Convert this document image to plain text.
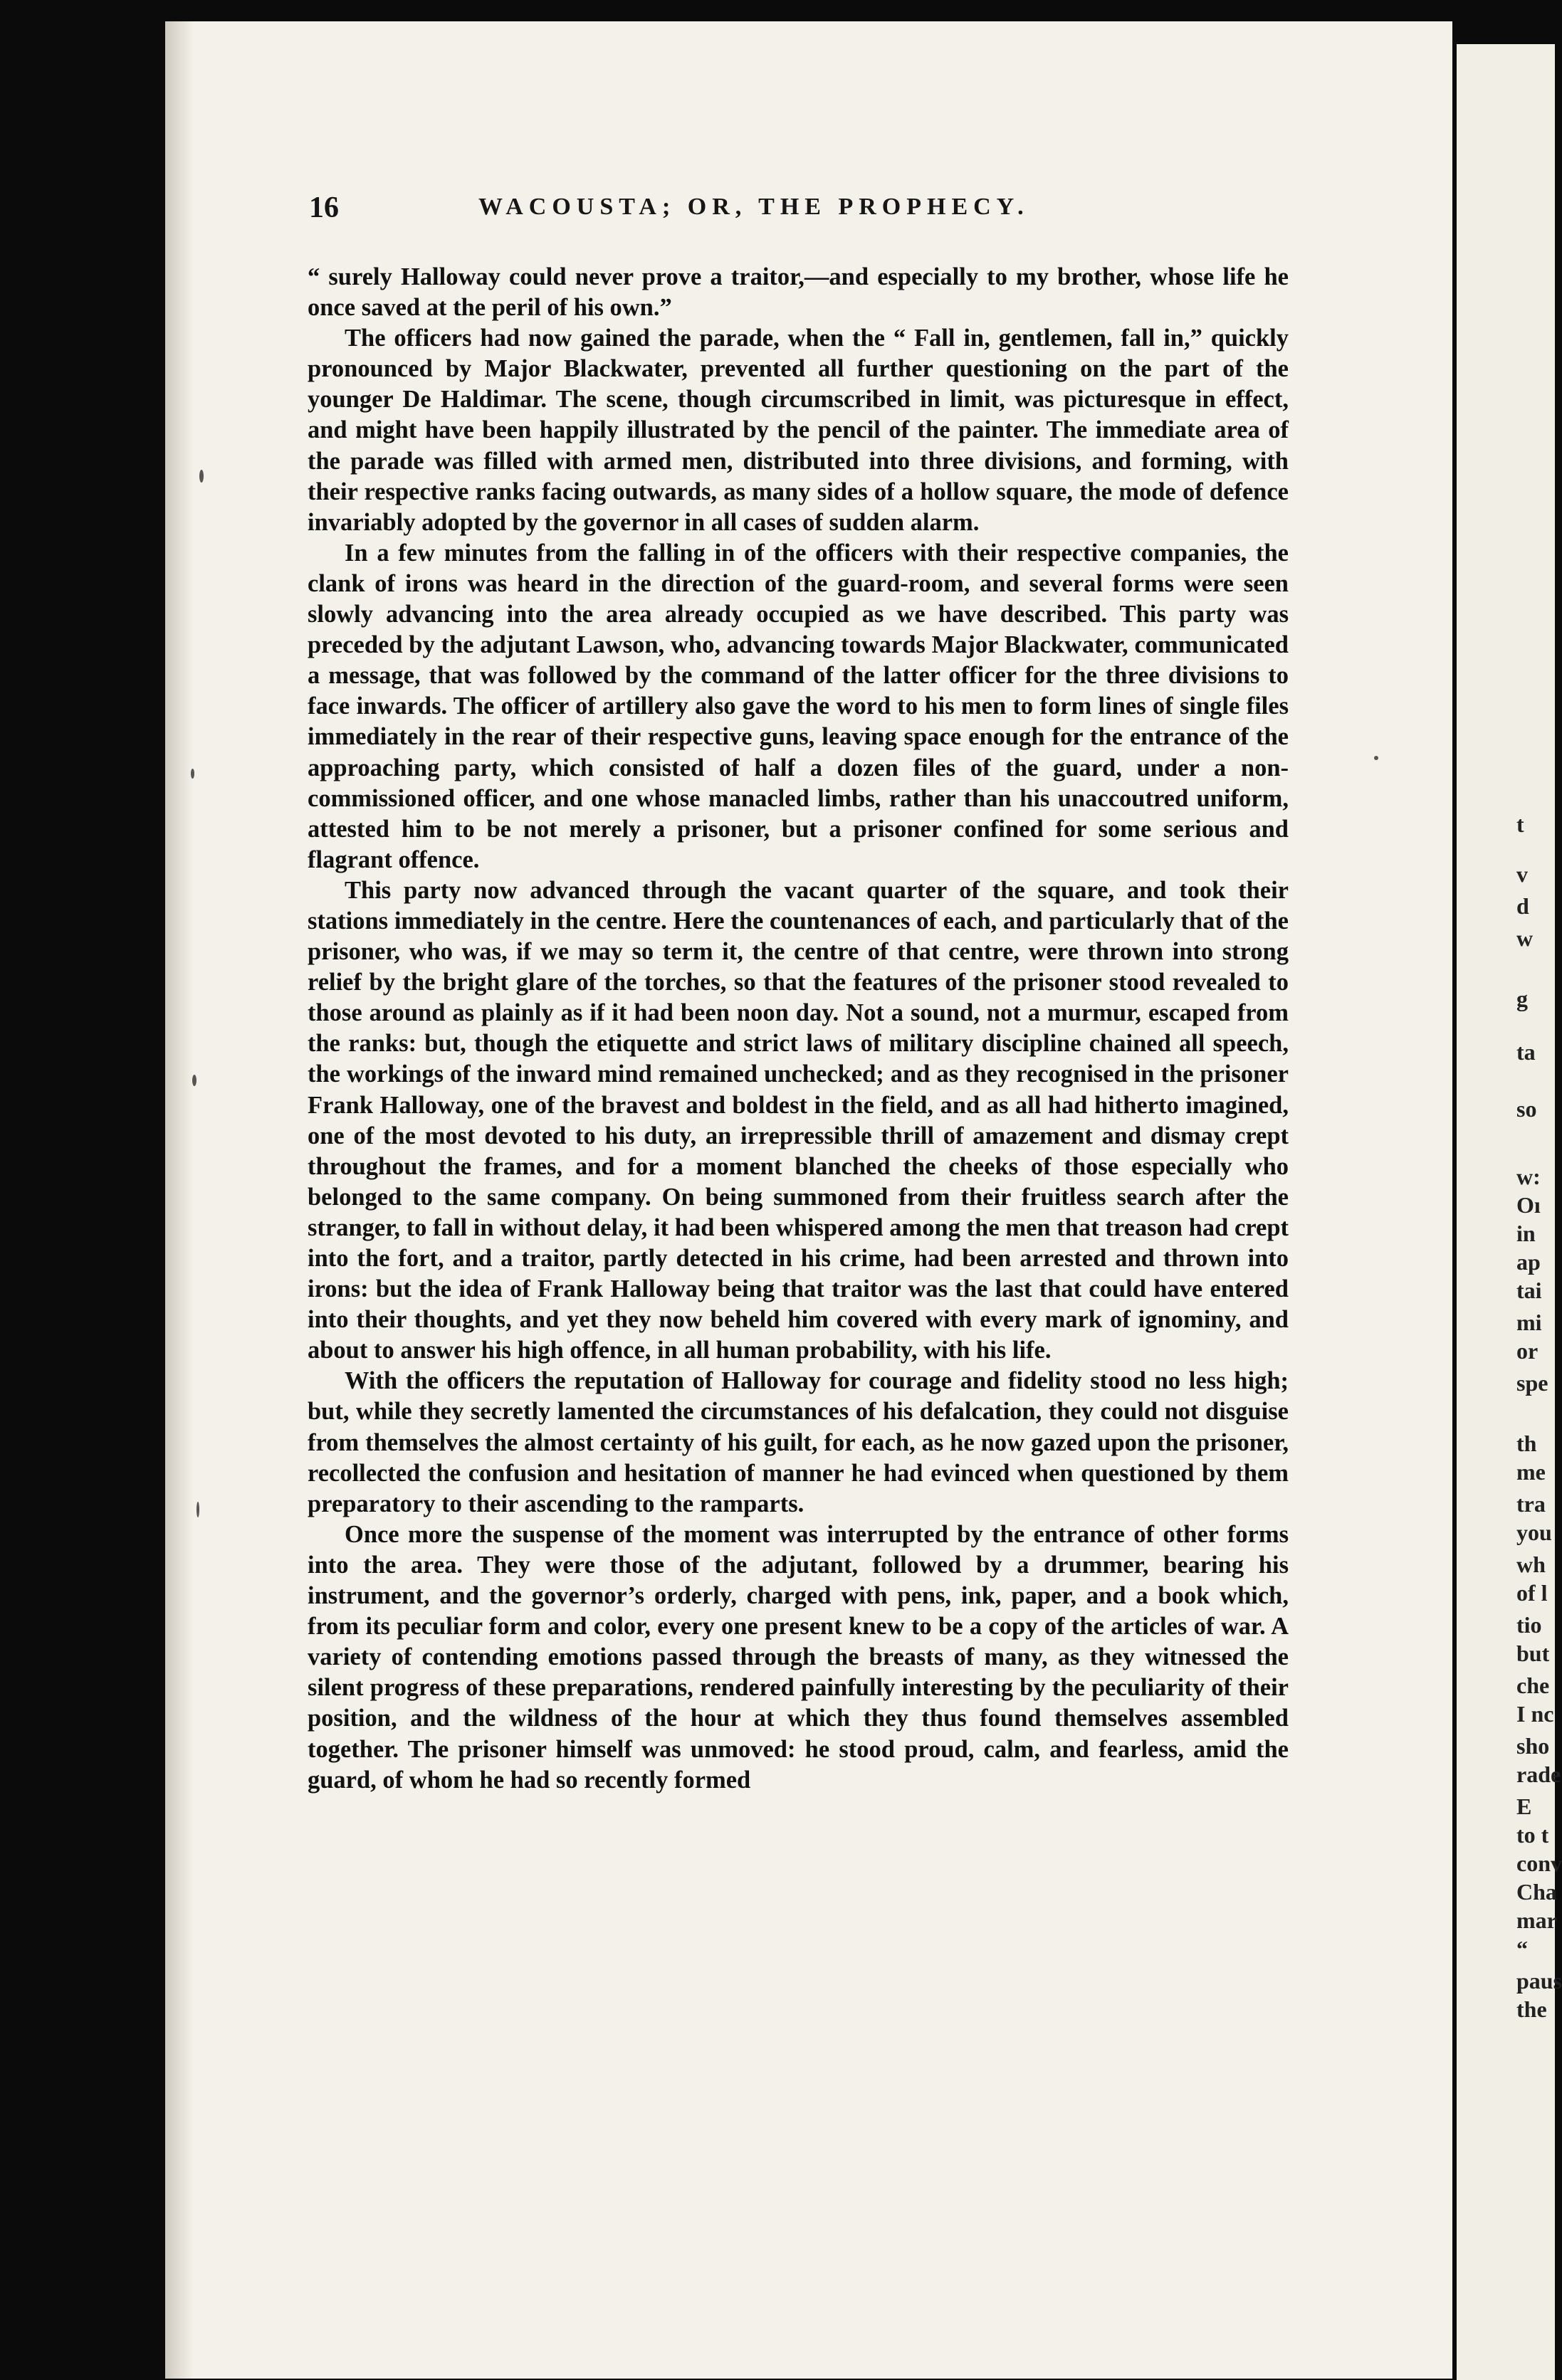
16	WACOUSTA; OR, THE PROPHECY.

“ surely Halloway could never prove a traitor,—and especially to my brother, whose life he once saved at the peril of his own.”

The officers had now gained the parade, when the “ Fall in, gentlemen, fall in,” quickly pronounced by Major Blackwater, prevented all further questioning on the part of the younger De Haldimar. The scene, though circumscribed in limit, was picturesque in effect, and might have been happily illustrated by the pencil of the painter. The immediate area of the parade was filled with armed men, distributed into three divisions, and forming, with their respective ranks facing outwards, as many sides of a hollow square, the mode of defence invariably adopted by the governor in all cases of sudden alarm.

In a few minutes from the falling in of the officers with their respective companies, the clank of irons was heard in the direction of the guard-room, and several forms were seen slowly advancing into the area already occupied as we have described. This party was preceded by the adjutant Lawson, who, advancing towards Major Blackwater, communicated a message, that was followed by the command of the latter officer for the three divisions to face inwards. The officer of artillery also gave the word to his men to form lines of single files immediately in the rear of their respective guns, leaving space enough for the entrance of the approaching party, which consisted of half a dozen files of the guard, under a non-commissioned officer, and one whose manacled limbs, rather than his unaccoutred uniform, attested him to be not merely a prisoner, but a prisoner confined for some serious and flagrant offence.

This party now advanced through the vacant quarter of the square, and took their stations immediately in the centre. Here the countenances of each, and particularly that of the prisoner, who was, if we may so term it, the centre of that centre, were thrown into strong relief by the bright glare of the torches, so that the features of the prisoner stood revealed to those around as plainly as if it had been noon day. Not a sound, not a murmur, escaped from the ranks: but, though the etiquette and strict laws of military discipline chained all speech, the workings of the inward mind remained unchecked; and as they recognised in the prisoner Frank Halloway, one of the bravest and boldest in the field, and as all had hitherto imagined, one of the most devoted to his duty, an irrepressible thrill of amazement and dismay crept throughout the frames, and for a moment blanched the cheeks of those especially who belonged to the same company. On being summoned from their fruitless search after the stranger, to fall in without delay, it had been whispered among the men that treason had crept into the fort, and a traitor, partly detected in his crime, had been arrested and thrown into irons: but the idea of Frank Halloway being that traitor was the last that could have entered into their thoughts, and yet they now beheld him covered with every mark of ignominy, and about to answer his high offence, in all human probability, with his life.

With the officers the reputation of Halloway for courage and fidelity stood no less high; but, while they secretly lamented the circumstances of his defalcation, they could not disguise from themselves the almost certainty of his guilt, for each, as he now gazed upon the prisoner, recollected the confusion and hesitation of manner he had evinced when questioned by them preparatory to their ascending to the ramparts.

Once more the suspense of the moment was interrupted by the entrance of other forms into the area. They were those of the adjutant, followed by a drummer, bearing his instrument, and the governor’s orderly, charged with pens, ink, paper, and a book which, from its peculiar form and color, every one present knew to be a copy of the articles of war. A variety of contending emotions passed through the breasts of many, as they witnessed the silent progress of these preparations, rendered painfully interesting by the peculiarity of their position, and the wildness of the hour at which they thus found themselves assembled together. The prisoner himself was unmoved: he stood proud, calm, and fearless, amid the guard, of whom he had so recently formed

t
v
d
w
g
ta
so
w:
Oı
in
ap
tai
mi
or
spe
th
me
tra
you
wh
of l
tio
but
che
I nc
sho
rade
E
to t
conv
Cha
mar
“
paus
the
